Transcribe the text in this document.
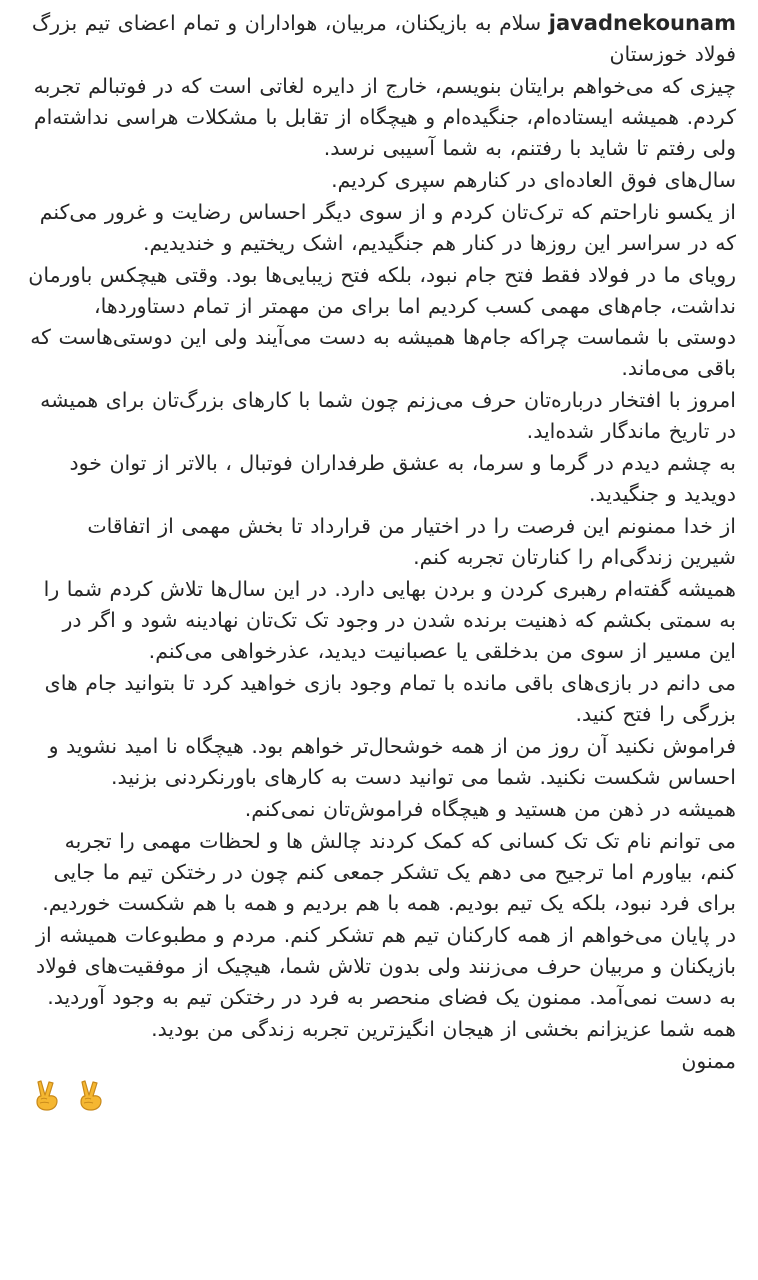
javadnekounam سلام به بازیکنان، مربیان، هواداران و تمام اعضای تیم بزرگ فولاد خوزستان

چیزی که می‌خواهم برایتان بنویسم، خارج از دایره لغاتی است که در فوتبالم تجربه کردم. همیشه ایستاده‌ام، جنگیده‌ام و هیچگاه از تقابل با مشکلات هراسی نداشته‌ام ولی رفتم تا شاید با رفتنم، به شما آسیبی نرسد.

سال‌های فوق العاده‌ای در کنارهم سپری کردیم.

از یکسو ناراحتم که ترک‌تان کردم و از سوی دیگر احساس رضایت و غرور می‌کنم که در سراسر این روزها در کنار هم جنگیدیم، اشک ریختیم و خندیدیم.

رویای ما در فولاد فقط فتح جام نبود، بلکه فتح زیبایی‌ها بود. وقتی هیچکس باورمان نداشت، جام‌های مهمی کسب کردیم اما برای من مهمتر از تمام دستاوردها، دوستی با شماست چراکه جام‌ها همیشه به دست می‌آیند ولی این دوستی‌هاست که باقی می‌ماند.

امروز با افتخار درباره‌تان حرف می‌زنم چون شما با کارهای بزرگ‌تان برای همیشه در تاریخ ماندگار شده‌اید.

به چشم دیدم در گرما و سرما، به عشق طرفداران فوتبال ، بالاتر از توان خود دویدید و جنگیدید.

از خدا ممنونم این فرصت را در اختیار من قرارداد تا بخش مهمی از اتفاقات شیرین زندگی‌ام را کنارتان تجربه کنم.

همیشه گفته‌ام رهبری کردن و بردن بهایی دارد. در این سال‌ها تلاش کردم شما را به سمتی بکشم که ذهنیت برنده شدن در وجود تک تک‌تان نهادینه شود و اگر در این مسیر از سوی من بدخلقی یا عصبانیت دیدید، عذرخواهی می‌کنم.

می دانم در بازی‌های باقی مانده با تمام وجود بازی خواهید کرد تا بتوانید جام های بزرگی را فتح کنید.

فراموش نکنید آن روز من از همه خوشحال‌تر خواهم بود. هیچگاه نا امید نشوید و احساس شکست نکنید. شما می توانید دست به کارهای باورنکردنی بزنید.

همیشه در ذهن من هستید و هیچگاه فراموش‌تان نمی‌کنم.

می توانم نام تک تک کسانی که کمک کردند چالش ها و لحظات مهمی را تجربه کنم، بیاورم اما ترجیح می دهم یک تشکر جمعی کنم چون در رختکن تیم ما جایی برای فرد نبود، بلکه یک تیم بودیم. همه با هم بردیم و همه با هم شکست خوردیم.

در پایان می‌خواهم از همه کارکنان تیم هم تشکر کنم. مردم و مطبوعات همیشه از بازیکنان و مربیان حرف می‌زنند ولی بدون تلاش شما، هیچیک از موفقیت‌های فولاد به دست نمی‌آمد. ممنون یک فضای منحصر به فرد در رختکن تیم به وجود آوردید.

همه شما عزیزانم بخشی از هیجان انگیزترین تجربه زندگی من بودید.

ممنون
